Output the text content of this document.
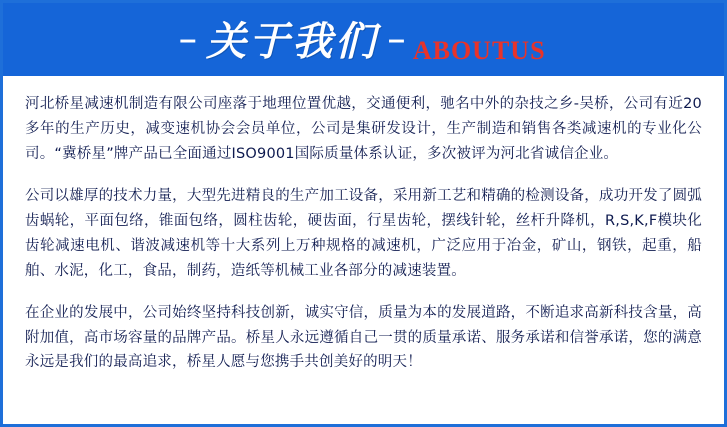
– 关于我们 – ABOUTUS

河北桥星减速机制造有限公司座落于地理位置优越，交通便利，驰名中外的杂技之乡-吴桥，公司有近20多年的生产历史，减变速机协会会员单位，公司是集研发设计，生产制造和销售各类减速机的专业化公司。“冀桥星”牌产品已全面通过ISO9001国际质量体系认证，多次被评为河北省诚信企业。

公司以雄厚的技术力量，大型先进精良的生产加工设备，采用新工艺和精确的检测设备，成功开发了圆弧齿蜗轮，平面包络，锥面包络，圆柱齿轮，硬齿面，行星齿轮，摆线针轮，丝杆升降机，R,S,K,F模块化齿轮减速电机、谐波减速机等十大系列上万种规格的减速机，广泛应用于冶金，矿山，钢铁，起重，船舶、水泥，化工，食品，制药，造纸等机械工业各部分的减速装置。

在企业的发展中，公司始终坚持科技创新，诚实守信，质量为本的发展道路，不断追求高新科技含量，高附加值，高市场容量的品牌产品。桥星人永远遵循自己一贯的质量承诺、服务承诺和信誉承诺，您的满意永远是我们的最高追求，桥星人愿与您携手共创美好的明天！
